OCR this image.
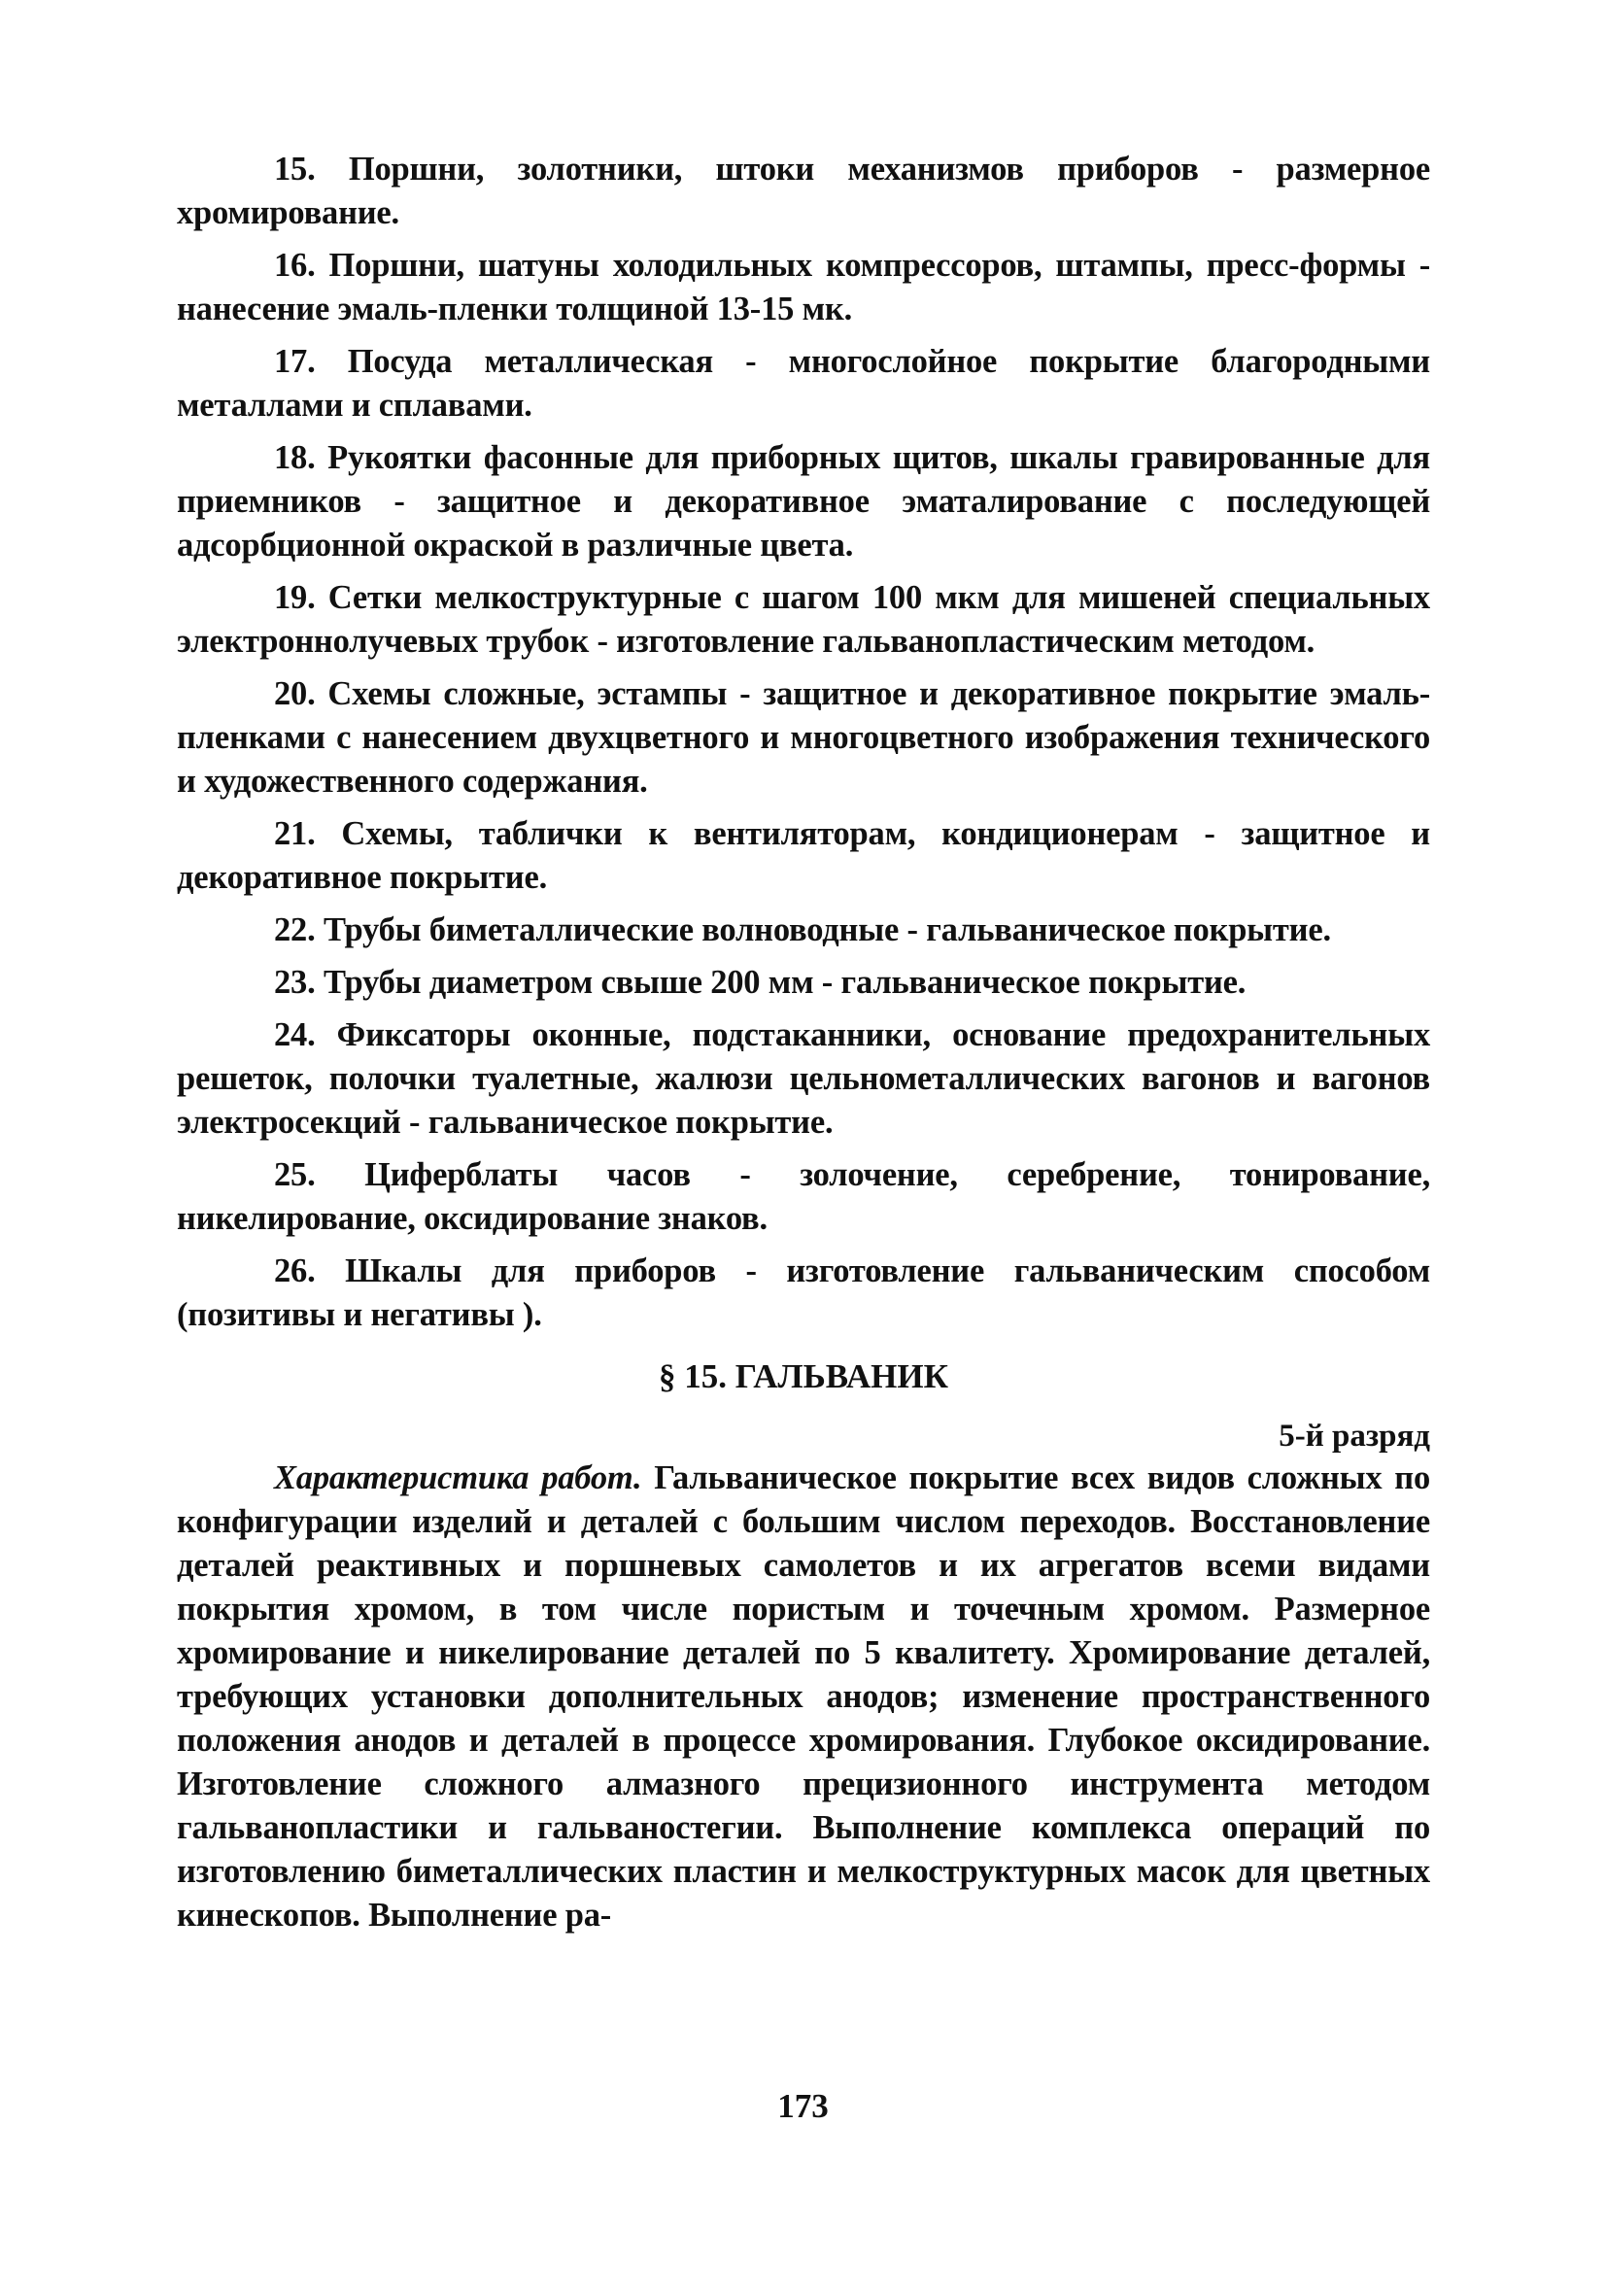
15. Поршни, золотники, штоки механизмов приборов - размерное хромирование.

16. Поршни, шатуны холодильных компрессоров, штампы, пресс-формы - нанесение эмаль-пленки толщиной 13-15 мк.

17. Посуда металлическая - многослойное покрытие благородными металлами и сплавами.

18. Рукоятки фасонные для приборных щитов, шкалы гравированные для приемников - защитное и декоративное эматалирование с последующей адсорбционной окраской в различные цвета.

19. Сетки мелкоструктурные с шагом 100 мкм для мишеней специальных электроннолучевых трубок - изготовление гальванопластическим методом.

20. Схемы сложные, эстампы - защитное и декоративное покрытие эмаль-пленками с нанесением двухцветного и многоцветного изображения технического и художественного содержания.

21. Схемы, таблички к вентиляторам, кондиционерам - защитное и декоративное покрытие.

22. Трубы биметаллические волноводные - гальваническое покрытие.

23. Трубы диаметром свыше 200 мм - гальваническое покрытие.

24. Фиксаторы оконные, подстаканники, основание предохранительных решеток, полочки туалетные, жалюзи цельнометаллических вагонов и вагонов электросекций - гальваническое покрытие.

25. Циферблаты часов - золочение, серебрение, тонирование, никелирование, оксидирование знаков.

26. Шкалы для приборов - изготовление гальваническим способом (позитивы и негативы ).

§ 15. ГАЛЬВАНИК

5-й разряд

Характеристика работ. Гальваническое покрытие всех видов сложных по конфигурации изделий и деталей с большим числом переходов. Восстановление деталей реактивных и поршневых самолетов и их агрегатов всеми видами покрытия хромом, в том числе пористым и точечным хромом. Размерное хромирование и никелирование деталей по 5 квалитету. Хромирование деталей, требующих установки дополнительных анодов; изменение пространственного положения анодов и деталей в процессе хромирования. Глубокое оксидирование. Изготовление сложного алмазного прецизионного инструмента методом гальванопластики и гальваностегии. Выполнение комплекса операций по изготовлению биметаллических пластин и мелкоструктурных масок для цветных кинескопов. Выполнение ра-

173
